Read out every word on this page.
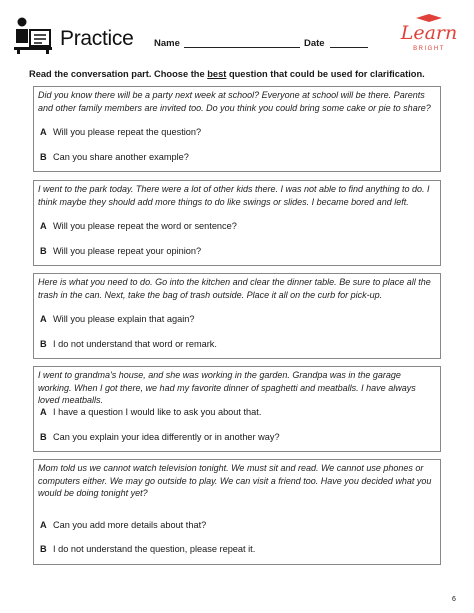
Practice Name	Date	Learn
BRIGHT
Read the conversation part. Choose the best question that could be used for clarification.
Did you know there will be a party next week at school? Everyone at school will be there. Parents and other family members are invited too. Do you think you could bring some cake or pie to share?
A Will you please repeat the question?
B Can you share another example?
I went to the park today. There were a lot of other kids there. I was not able to find anything to do. I think maybe they should add more things to do like swings or slides. I became bored and left.
A Will you please repeat the word or sentence?
B Will you please repeat your opinion?
Here is what you need to do. Go into the kitchen and clear the dinner table. Be sure to place all the trash in the can. Next, take the bag of trash outside. Place it all on the curb for pick-up.
A Will you please explain that again?
B I do not understand that word or remark.
I went to grandma's house, and she was working in the garden. Grandpa was in the garage working. When I got there, we had my favorite dinner of spaghetti and meatballs. I have always loved meatballs.
A I have a question I would like to ask you about that.
B Can you explain your idea differently or in another way?
Mom told us we cannot watch television tonight. We must sit and read. We cannot use phones or computers either. We may go outside to play. We can visit a friend too. Have you decided what you would be doing tonight yet?
A Can you add more details about that?
B I do not understand the question, please repeat it.
6
